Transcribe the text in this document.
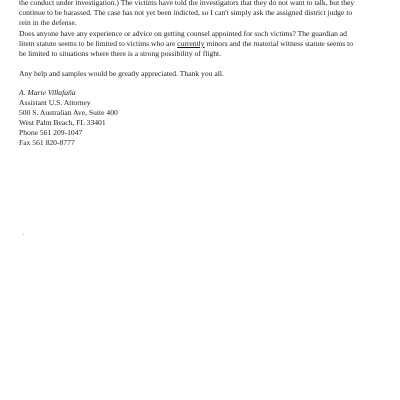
the conduct under investigation.) The victims have told the investigators that they do not want to talk, but they
continue to be harassed. The case has not yet been indicted, so I can't simply ask the assigned district judge to
rein in the defense.
Does anyone have any experience or advice on getting counsel appointed for such victims? The guardian ad
litem statute seems to be limited to victims who are currently minors and the material witness statute seems to
be limited to situations where there is a strong possibility of flight.
Any help and samples would be greatly appreciated. Thank you all.
A. Marie Villafaña
Assistant U.S. Attorney
500 S. Australian Ave, Suite 400
West Palm Beach, FL 33401
Phone 561 209-1047
Fax 561 820-8777
